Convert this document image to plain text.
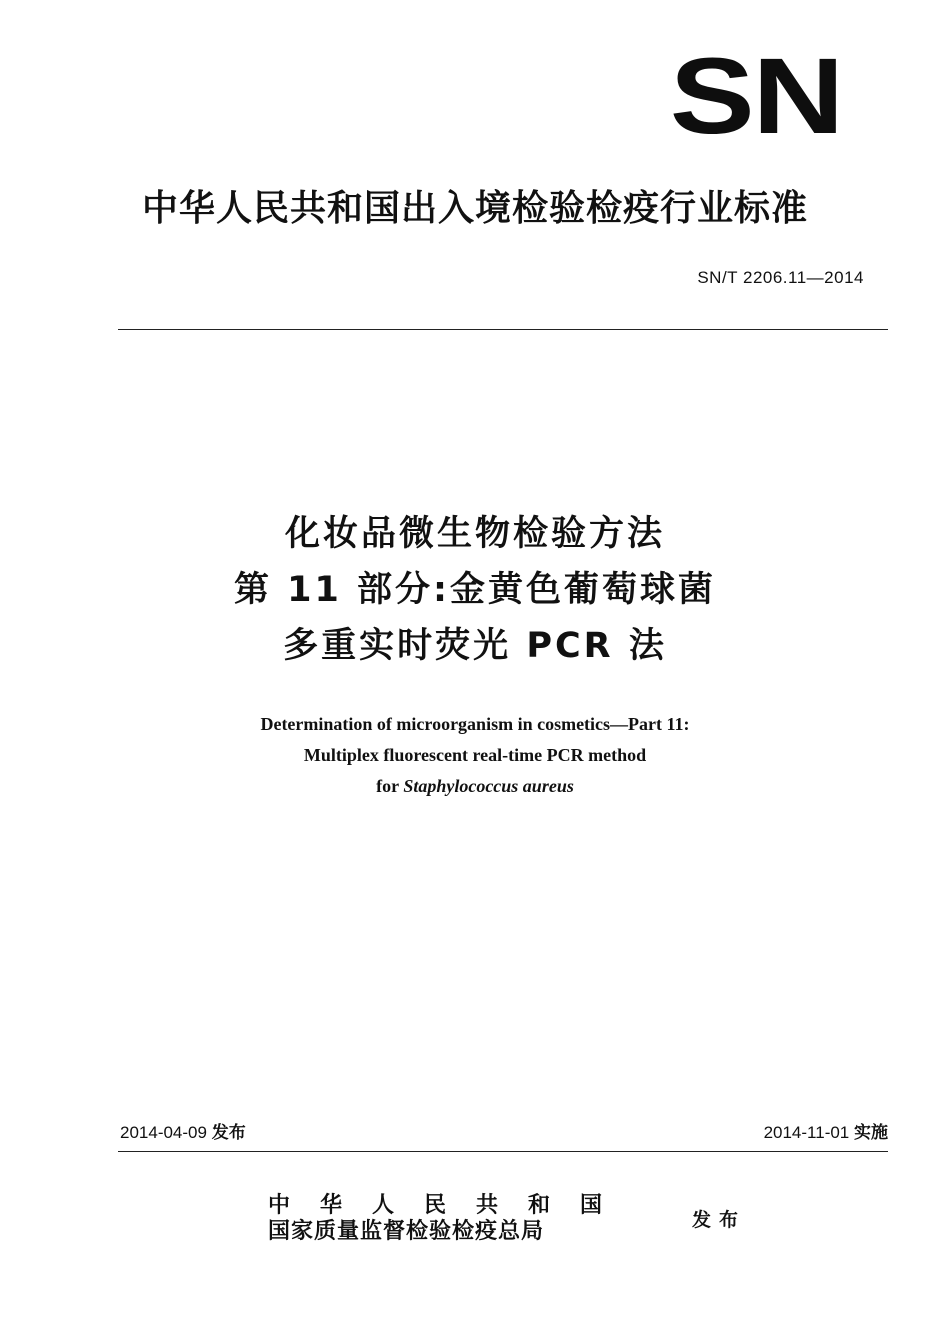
SN
中华人民共和国出入境检验检疫行业标准
SN/T 2206.11—2014
化妆品微生物检验方法
第 11 部分:金黄色葡萄球菌
多重实时荧光 PCR 法
Determination of microorganism in cosmetics—Part 11:
Multiplex fluorescent real-time PCR method
for Staphylococcus aureus
2014-04-09 发布	2014-11-01 实施
中华人民共和国
国家质量监督检验检疫总局	发布
